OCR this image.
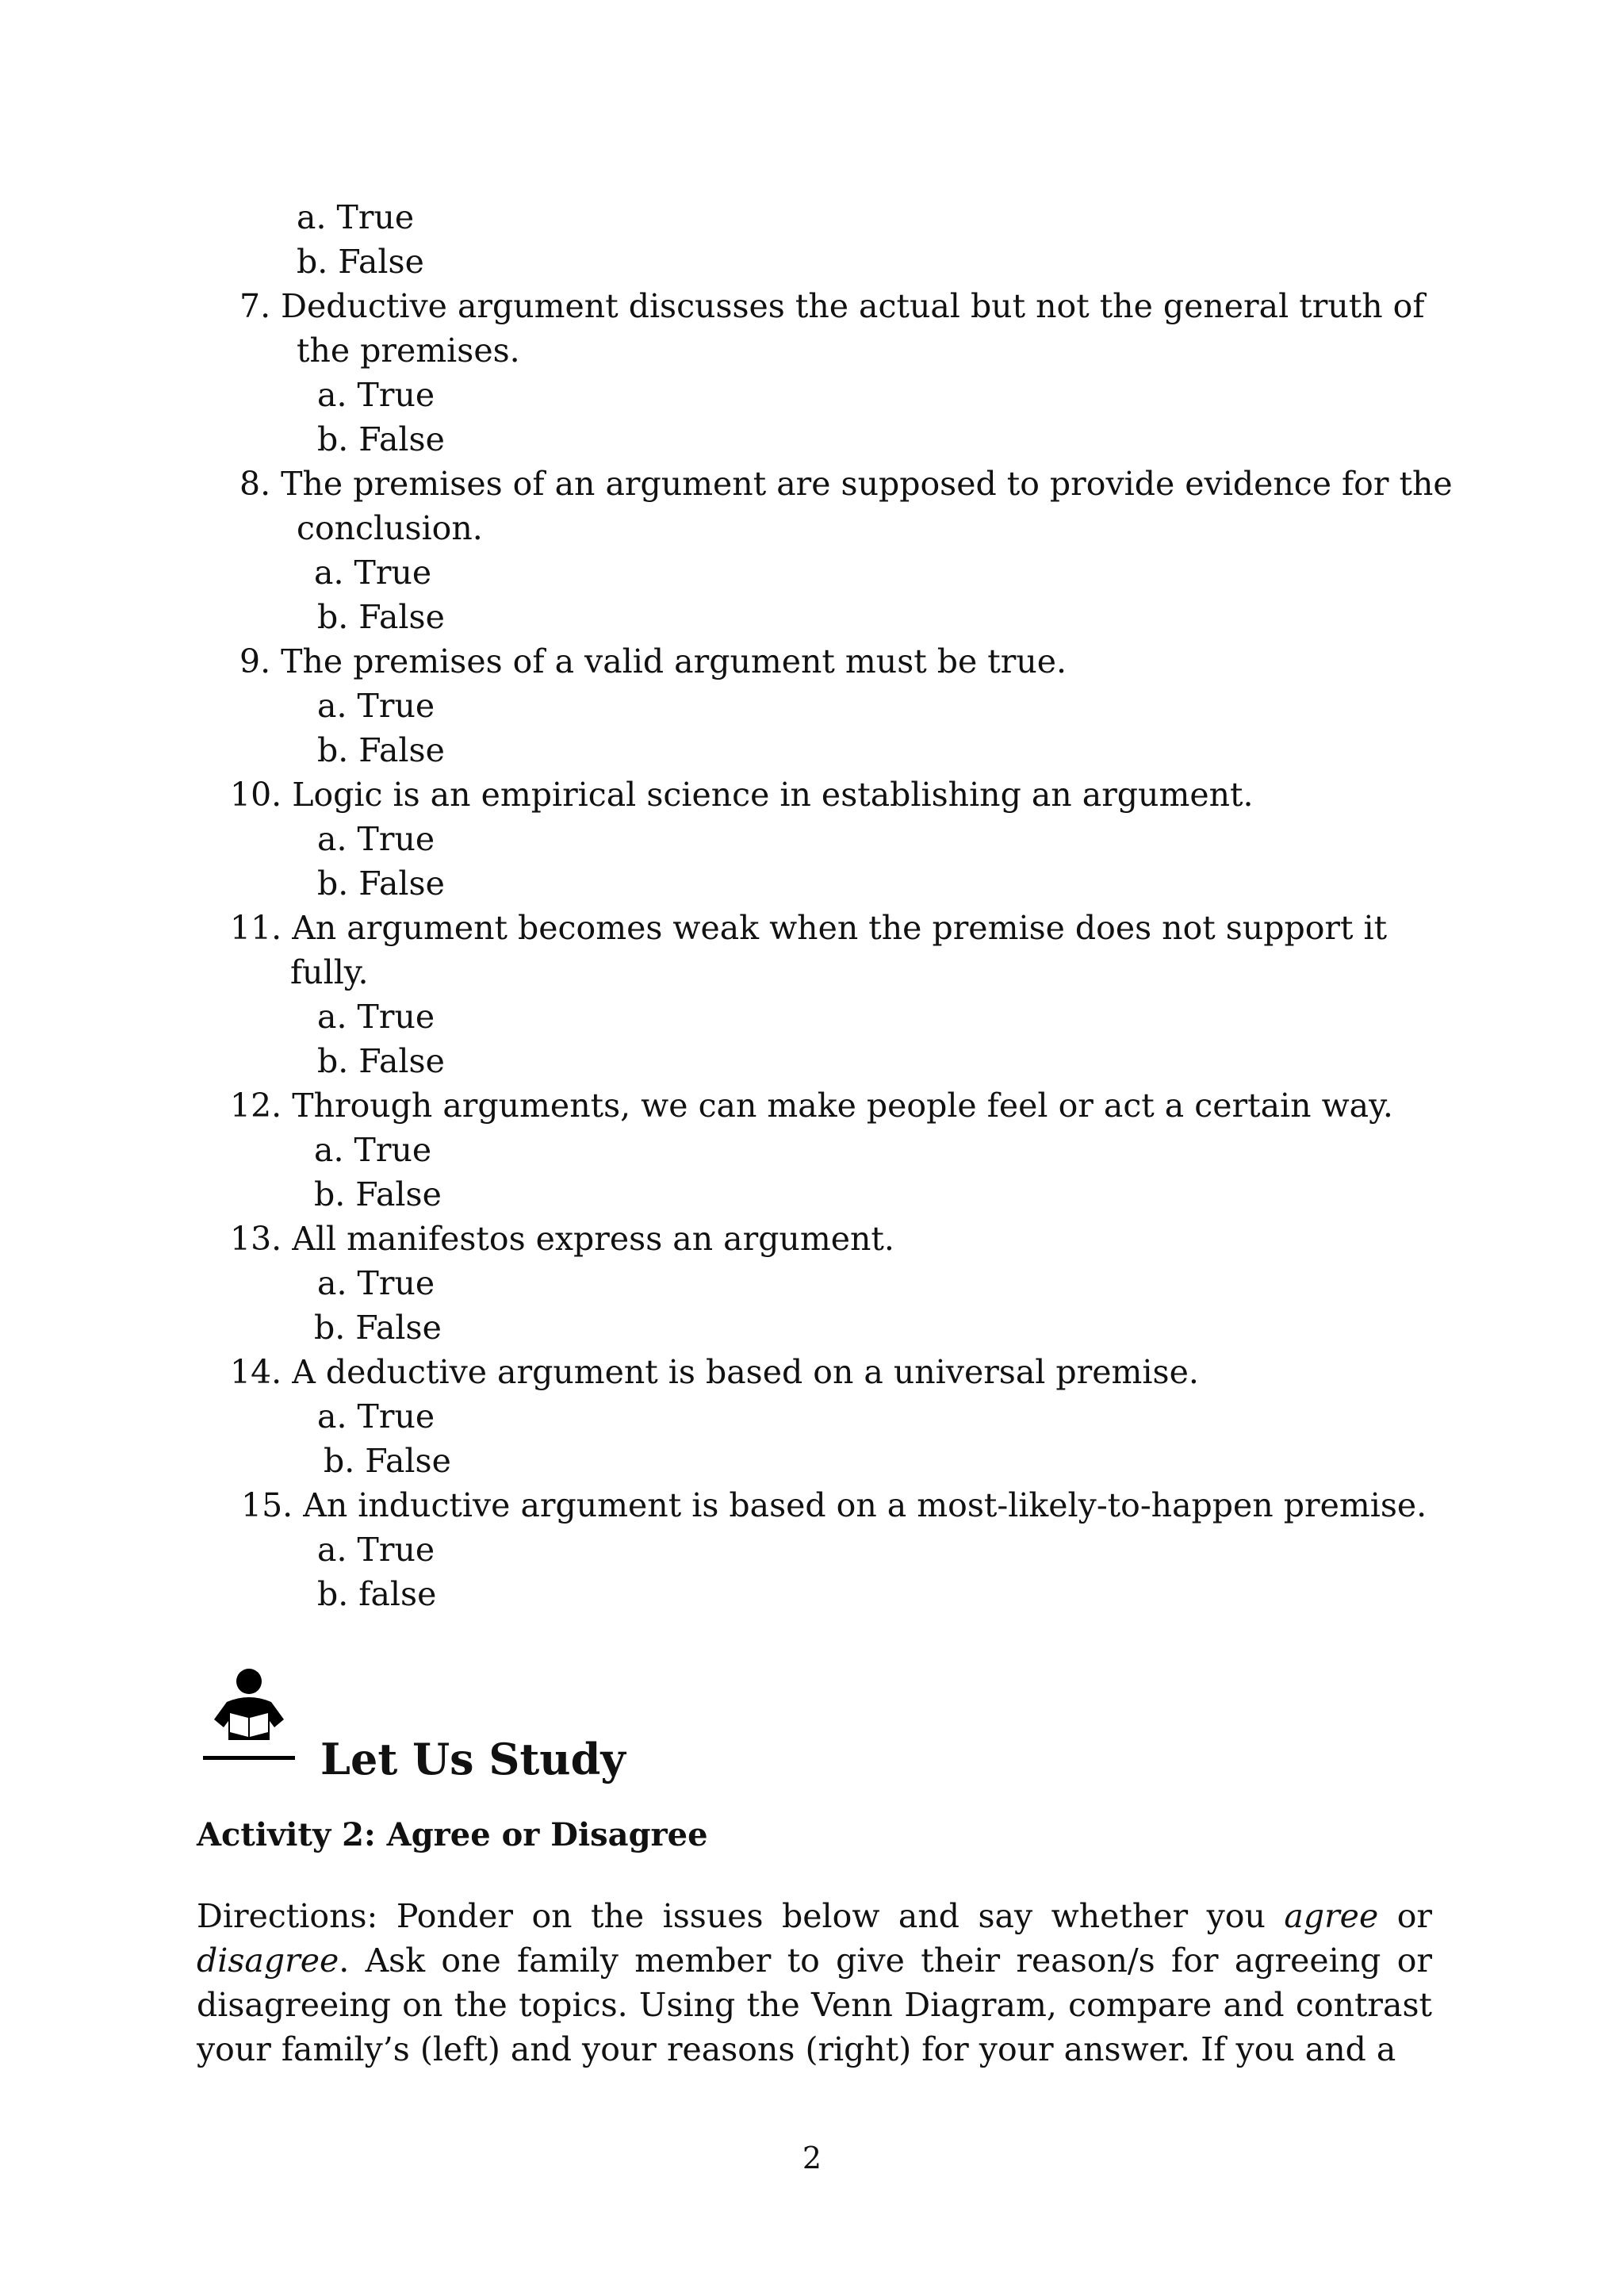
a. True
b. False
7. Deductive argument discusses the actual but not the general truth of
the premises.
a. True
b. False
8. The premises of an argument are supposed to provide evidence for the
conclusion.
a. True
b. False
9. The premises of a valid argument must be true.
a. True
b. False
10. Logic is an empirical science in establishing an argument.
a. True
b. False
11. An argument becomes weak when the premise does not support it
fully.
a. True
b. False
12. Through arguments, we can make people feel or act a certain way.
a. True
b. False
13. All manifestos express an argument.
a. True
b. False
14. A deductive argument is based on a universal premise.
a. True
b. False
15. An inductive argument is based on a most-likely-to-happen premise.
a. True
b. false
Let Us Study
Activity 2: Agree or Disagree
Directions: Ponder on the issues below and say whether you agree or disagree. Ask one family member to give their reason/s for agreeing or disagreeing on the topics. Using the Venn Diagram, compare and contrast your family’s (left) and your reasons (right) for your answer. If you and a
2
